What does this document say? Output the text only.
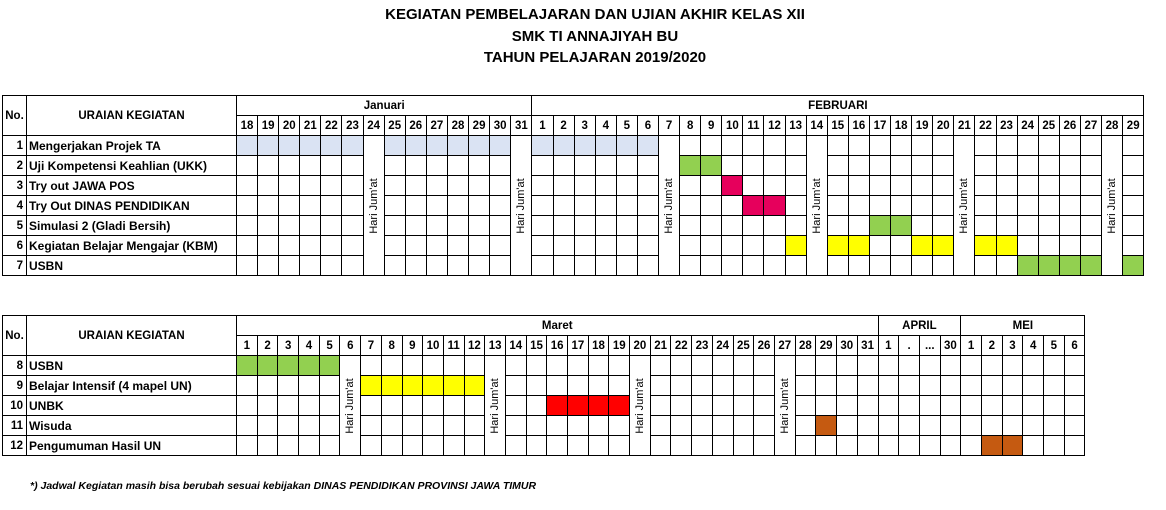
KEGIATAN PEMBELAJARAN DAN UJIAN AKHIR KELAS XII
SMK TI ANNAJIYAH BU
TAHUN PELAJARAN 2019/2020
No.	URAIAN KEGIATAN	Januari														FEBRUARI																												
		18	19	20	21	22	23	24	25	26	27	28	29	30	31	1	2	3	4	5	6	7	8	9	10	11	12	13	14	15	16	17	18	19	20	21	22	23	24	25	26	27	28	29
1	Mengerjakan Projek TA							Hari Jum'at							Hari Jum'at							Hari Jum'at							Hari Jum'at							Hari Jum'at							Hari Jum'at	

2	Uji Kompetensi Keahlian (UKK)																																											
3	Try out JAWA POS																																											
4	Try Out DINAS PENDIDIKAN																																											
5	Simulasi 2 (Gladi Bersih)																																											
6	Kegiatan Belajar Mengajar (KBM)																																											
7	USBN																																											
No.	URAIAN KEGIATAN	Maret																															APRIL				MEI					
		1	2	3	4	5	6	7	8	9	10	11	12	13	14	15	16	17	18	19	20	21	22	23	24	25	26	27	28	29	30	31	1	.	...	30	1	2	3	4	5	6
8	USBN						Hari Jum'at							Hari Jum'at							Hari Jum'at							Hari Jum'at														

9	Belajar Intensif (4 mapel UN)																																									
10	UNBK																																									
11	Wisuda																																									
12	Pengumuman Hasil UN																																									
*) Jadwal Kegiatan masih bisa berubah sesuai kebijakan DINAS PENDIDIKAN PROVINSI JAWA TIMUR
